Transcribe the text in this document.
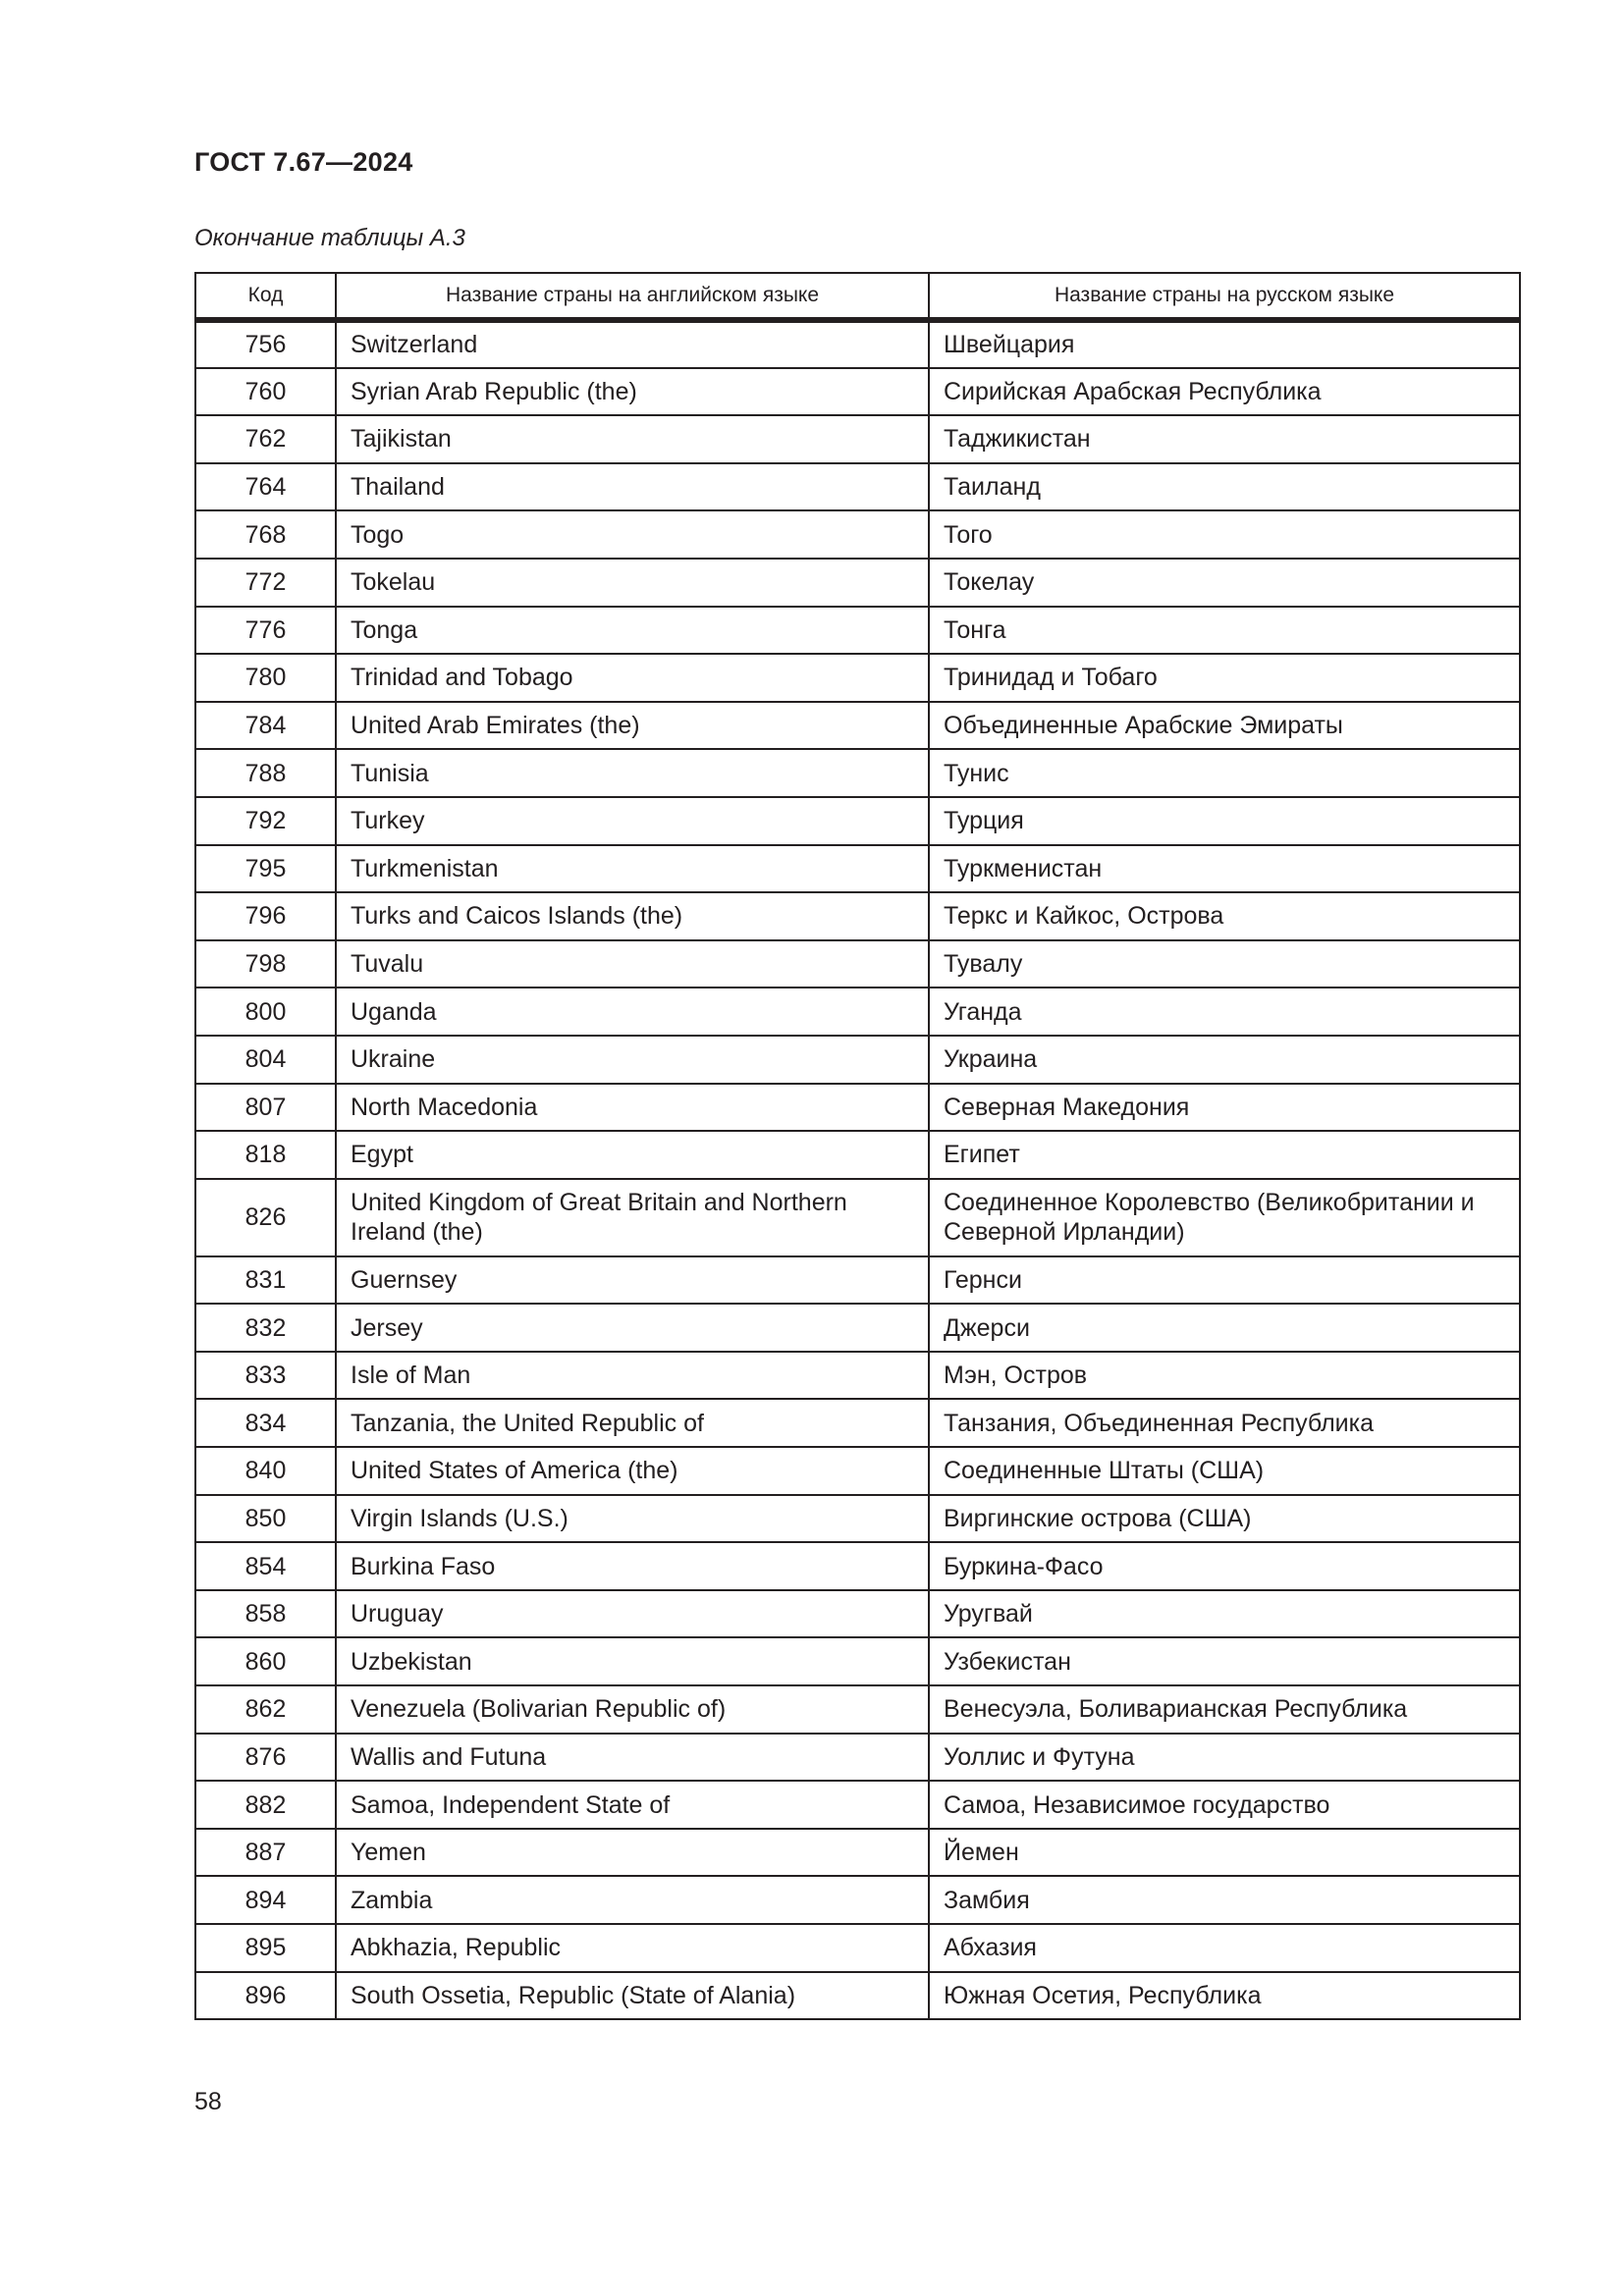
ГОСТ 7.67—2024
Окончание таблицы А.3
Код	Название страны на английском языке	Название страны на русском языке
756	Switzerland	Швейцария
760	Syrian Arab Republic (the)	Сирийская Арабская Республика
762	Tajikistan	Таджикистан
764	Thailand	Таиланд
768	Togo	Того
772	Tokelau	Токелау
776	Tonga	Тонга
780	Trinidad and Tobago	Тринидад и Тобаго
784	United Arab Emirates (the)	Объединенные Арабские Эмираты
788	Tunisia	Тунис
792	Turkey	Турция
795	Turkmenistan	Туркменистан
796	Turks and Caicos Islands (the)	Теркс и Кайкос, Острова
798	Tuvalu	Тувалу
800	Uganda	Уганда
804	Ukraine	Украина
807	North Macedonia	Северная Македония
818	Egypt	Египет
826	United Kingdom of Great Britain and Northern Ireland (the)	Соединенное Королевство (Великобритании и Северной Ирландии)
831	Guernsey	Гернси
832	Jersey	Джерси
833	Isle of Man	Мэн, Остров
834	Tanzania, the United Republic of	Танзания, Объединенная Республика
840	United States of America (the)	Соединенные Штаты (США)
850	Virgin Islands (U.S.)	Виргинские острова (США)
854	Burkina Faso	Буркина-Фасо
858	Uruguay	Уругвай
860	Uzbekistan	Узбекистан
862	Venezuela (Bolivarian Republic of)	Венесуэла, Боливарианская Республика
876	Wallis and Futuna	Уоллис и Футуна
882	Samoa, Independent State of	Самоа, Независимое государство
887	Yemen	Йемен
894	Zambia	Замбия
895	Abkhazia, Republic	Абхазия
896	South Ossetia, Republic (State of Alania)	Южная Осетия, Республика
58
